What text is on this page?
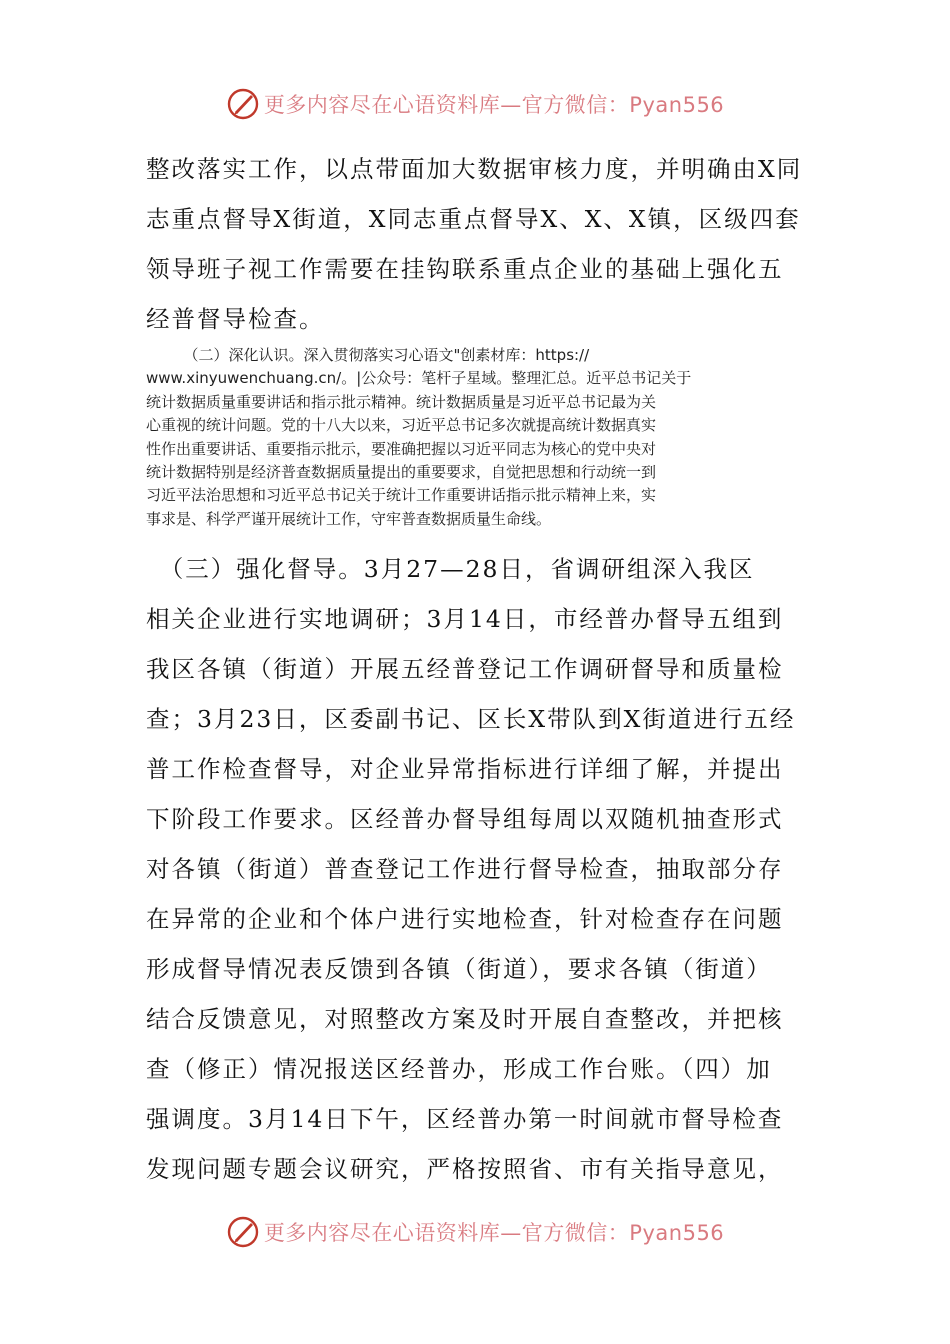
更多内容尽在心语资料库—官方微信：Pyan556

整改落实工作，以点带面加大数据审核力度，并明确由X同

志重点督导X街道，X同志重点督导X、X、X镇，区级四套

领导班子视工作需要在挂钩联系重点企业的基础上强化五

经普督导检查。

　　　（二）深化认识。深入贯彻落实习心语文"创素材库：https://

www.xinyuwenchuang.cn/。|公众号：笔杆子星域。整理汇总。近平总书记关于

统计数据质量重要讲话和指示批示精神。统计数据质量是习近平总书记最为关

心重视的统计问题。党的十八大以来，习近平总书记多次就提高统计数据真实

性作出重要讲话、重要指示批示，要准确把握以习近平同志为核心的党中央对

统计数据特别是经济普查数据质量提出的重要要求，自觉把思想和行动统一到

习近平法治思想和习近平总书记关于统计工作重要讲话指示批示精神上来，实

事求是、科学严谨开展统计工作，守牢普查数据质量生命线。

　（三）强化督导。3月27—28日，省调研组深入我区

相关企业进行实地调研；3月14日，市经普办督导五组到

我区各镇（街道）开展五经普登记工作调研督导和质量检

查；3月23日，区委副书记、区长X带队到X街道进行五经

普工作检查督导，对企业异常指标进行详细了解，并提出

下阶段工作要求。区经普办督导组每周以双随机抽查形式

对各镇（街道）普查登记工作进行督导检查，抽取部分存

在异常的企业和个体户进行实地检查，针对检查存在问题

形成督导情况表反馈到各镇（街道），要求各镇（街道）

结合反馈意见，对照整改方案及时开展自查整改，并把核

查（修正）情况报送区经普办，形成工作台账。（四）加

强调度。3月14日下午，区经普办第一时间就市督导检查

发现问题专题会议研究，严格按照省、市有关指导意见，

更多内容尽在心语资料库—官方微信：Pyan556
